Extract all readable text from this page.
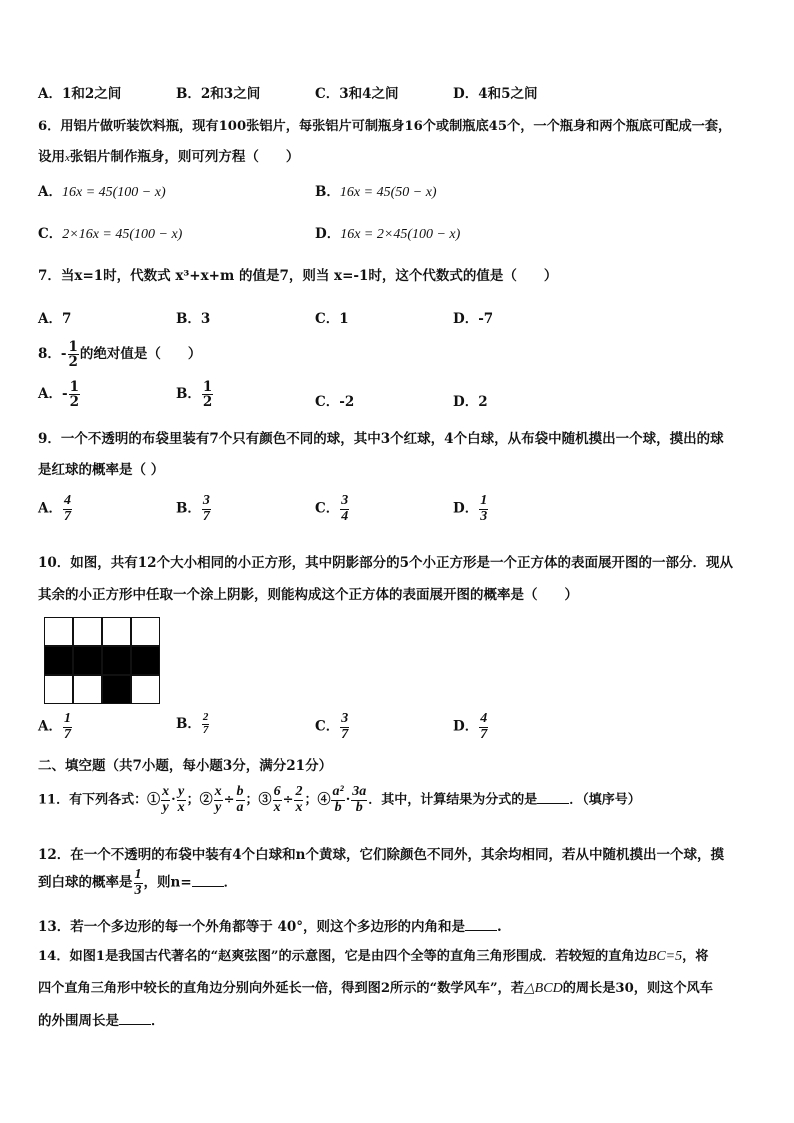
A．1和2之间	B．2和3之间	C．3和4之间	D．4和5之间
6．用铝片做听装饮料瓶，现有100张铝片，每张铝片可制瓶身16个或制瓶底45个，一个瓶身和两个瓶底可配成一套，
设用x张铝片制作瓶身，则可列方程（　　）
A．16x = 45(100 − x)	B．16x = 45(50 − x)
C．2×16x = 45(100 − x)	D．16x = 2×45(100 − x)
7．当x=1时，代数式 x³+x+m 的值是7，则当 x=-1时，这个代数式的值是（　　）
A．7	B．3	C．1	D．-7
8．- $\frac{1}{2}$ 的绝对值是（　　）
A．- $\frac{1}{2}$	B． $\frac{1}{2}$	C．-2	D．2
9．一个不透明的布袋里装有7个只有颜色不同的球，其中3个红球，4个白球，从布袋中随机摸出一个球，摸出的球
是红球的概率是（ ）
A． $\frac{4}{7}$	B． $\frac{3}{7}$	C． $\frac{3}{4}$	D． $\frac{1}{3}$
10．如图，共有12个大小相同的小正方形，其中阴影部分的5个小正方形是一个正方体的表面展开图的一部分．现从
其余的小正方形中任取一个涂上阴影，则能构成这个正方体的表面展开图的概率是（　　）
A． $\frac{1}{7}$	B． $\frac{2}{7}$	C． $\frac{3}{7}$	D． $\frac{4}{7}$
二、填空题（共7小题，每小题3分，满分21分）
11．有下列各式：① $\frac{x}{y} \cdot \frac{y}{x}$ ；② $\frac{x}{y} \div \frac{b}{a}$ ；③ $\frac{6}{x} \div \frac{2}{x}$ ；④ $\frac{\text{a²}}{b} \cdot \frac{3a}{b}$ ．其中，计算结果为分式的是 ．（填序号）
12．在一个不透明的布袋中装有4个白球和n个黄球，它们除颜色不同外，其余均相同，若从中随机摸出一个球，摸
到白球的概率是 $\frac{1}{3}$ ，则n= ．
13．若一个多边形的每一个外角都等于 40°，则这个多边形的内角和是 .
14．如图1是我国古代著名的“赵爽弦图”的示意图，它是由四个全等的直角三角形围成．若较短的直角边BC=5，将
四个直角三角形中较长的直角边分别向外延长一倍，得到图2所示的“数学风车”，若△BCD的周长是30，则这个风车
的外围周长是 ．
